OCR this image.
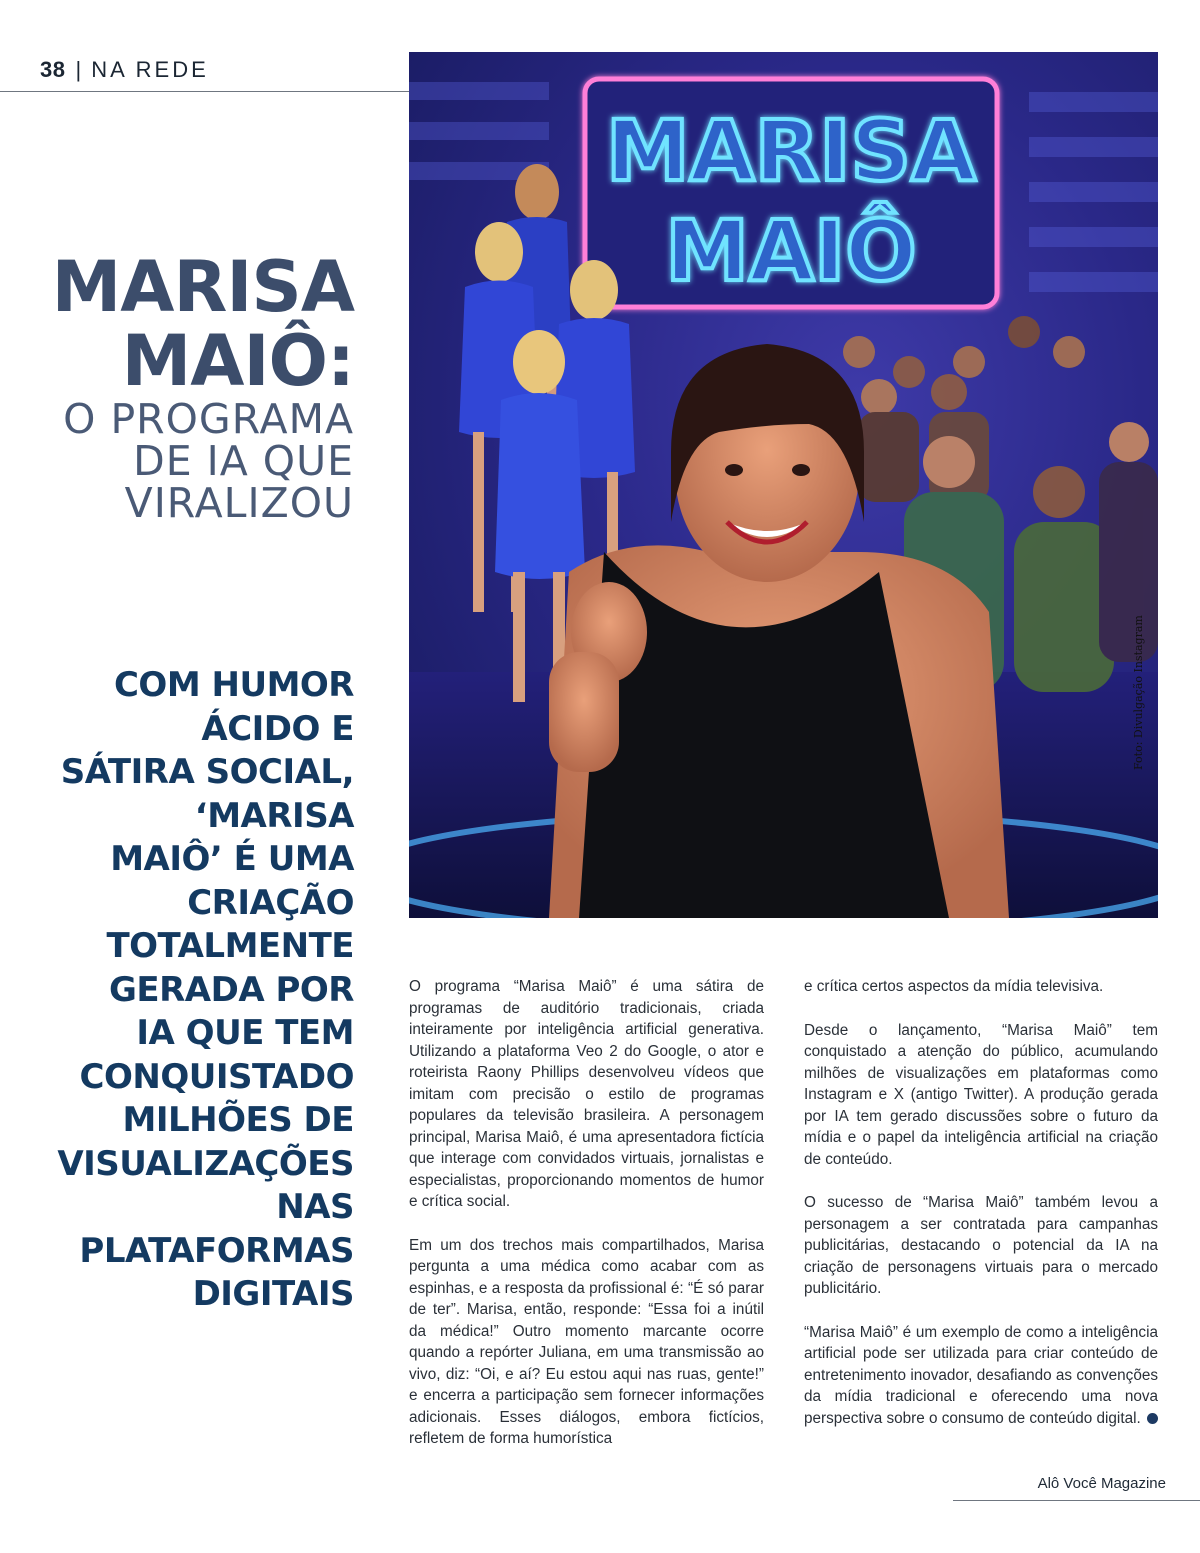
38 | NA REDE
MARISA
MAIÔ:
O PROGRAMA
DE IA QUE
VIRALIZOU
COM HUMOR
ÁCIDO E
SÁTIRA SOCIAL,
‘MARISA
MAIÔ’ É UMA
CRIAÇÃO
TOTALMENTE
GERADA POR
IA QUE TEM
CONQUISTADO
MILHÕES DE
VISUALIZAÇÕES
NAS
PLATAFORMAS
DIGITAIS
MARISA
MAIÔ
Foto: Divulgação Instagram

O programa “Marisa Maiô” é uma sátira de programas de auditório tradicionais, criada inteiramente por inteligência artificial generativa. Utilizando a plataforma Veo 2 do Google, o ator e roteirista Raony Phillips desenvolveu vídeos que imitam com precisão o estilo de programas populares da televisão brasileira. A personagem principal, Marisa Maiô, é uma apresentadora fictícia que interage com convidados virtuais, jornalistas e especialistas, proporcionando momentos de humor e crítica social.

Em um dos trechos mais compartilhados, Marisa pergunta a uma médica como acabar com as espinhas, e a resposta da profissional é: “É só parar de ter”. Marisa, então, responde: “Essa foi a inútil da médica!” Outro momento marcante ocorre quando a repórter Juliana, em uma transmissão ao vivo, diz: “Oi, e aí? Eu estou aqui nas ruas, gente!” e encerra a participação sem fornecer informações adicionais. Esses diálogos, embora fictícios, refletem de forma humorística

e crítica certos aspectos da mídia televisiva.

Desde o lançamento, “Marisa Maiô” tem conquistado a atenção do público, acumulando milhões de visualizações em plataformas como Instagram e X (antigo Twitter). A produção gerada por IA tem gerado discussões sobre o futuro da mídia e o papel da inteligência artificial na criação de conteúdo.

O sucesso de “Marisa Maiô” também levou a personagem a ser contratada para campanhas publicitárias, destacando o potencial da IA na criação de personagens virtuais para o mercado publicitário.

“Marisa Maiô” é um exemplo de como a inteligência artificial pode ser utilizada para criar conteúdo de entretenimento inovador, desafiando as convenções da mídia tradicional e oferecendo uma nova perspectiva sobre o consumo de conteúdo digital.

Alô Você Magazine
